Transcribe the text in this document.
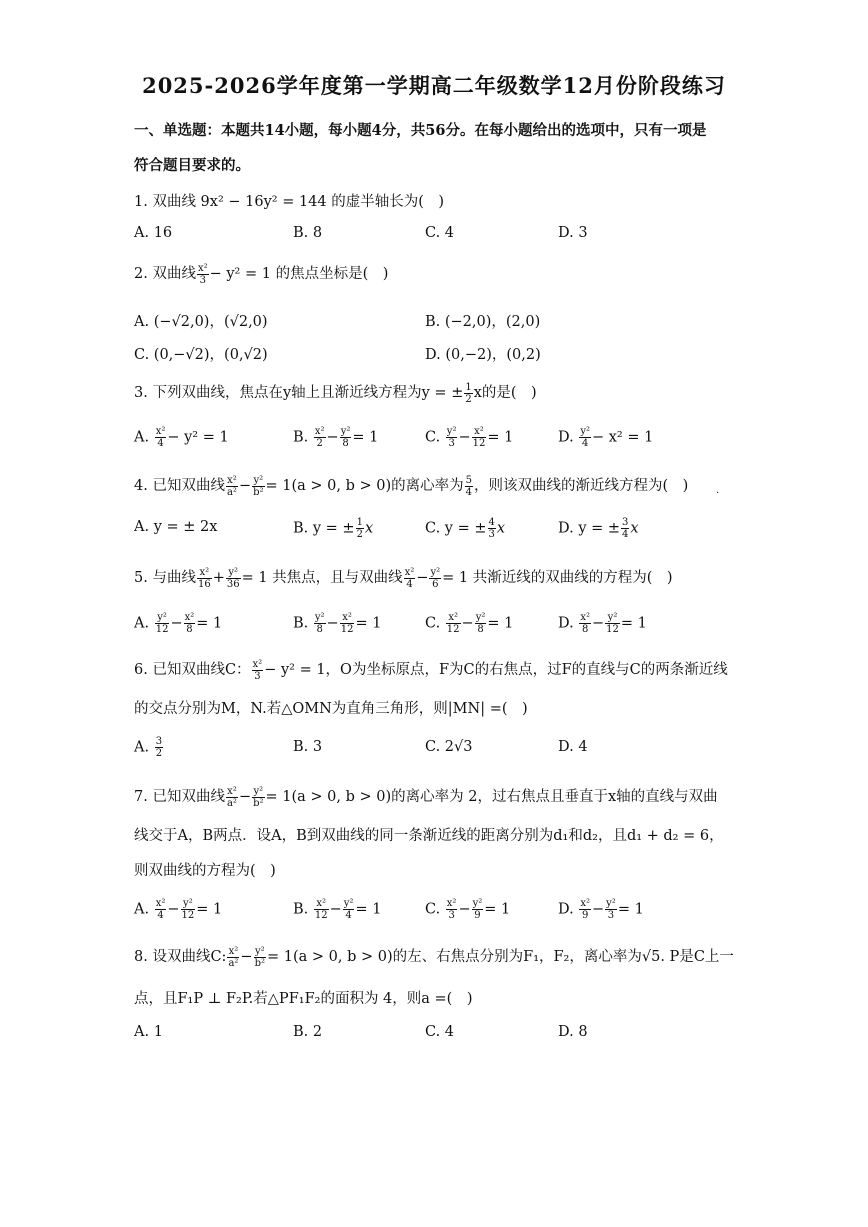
2025-2026学年度第一学期高二年级数学12月份阶段练习
一、单选题：本题共14小题，每小题4分，共56分。在每小题给出的选项中，只有一项是
符合题目要求的。
1. 双曲线 9x² − 16y² = 144 的虚半轴长为(　)
A. 16	B. 8	C. 4	D. 3
2. 双曲线 $\frac{\text{x²}}{3} - y^2 = 1$ 的焦点坐标是(　)
A. (−√2,0)，(√2,0)	B. (−2,0)，(2,0)
C. (0,−√2)，(0,√2)	D. (0,−2)，(0,2)
3. 下列双曲线，焦点在y轴上且渐近线方程为y = ± $\frac{1}{2}$ x的是(　)
A. $\frac{\text{x²}}{4} - y^2 = 1$	B. $\frac{\text{x²}}{2} - \frac{\text{y²}}{8} = 1$	C. $\frac{\text{y²}}{3} - \frac{\text{x²}}{12} = 1$	D. $\frac{\text{y²}}{4} - x^2 = 1$
4. 已知双曲线 $\frac{\text{x²}}{\text{a²}} - \frac{\text{y²}}{\text{b²}} = 1(a > 0$, b > 0)的离心率为 $\frac{5}{4}$ ，则该双曲线的渐近线方程为(　)	.
A. y = ± 2x	B. y = ± $\frac{1}{2}$ x	C. y = ± $\frac{4}{3}$ x	D. y = ± $\frac{3}{4}$ x
5. 与曲线 $\frac{\text{x²}}{16} + \frac{\text{y²}}{36} = 1$ 共焦点，且与双曲线 $\frac{\text{x²}}{4} - \frac{\text{y²}}{6} = 1$ 共渐近线的双曲线的方程为(　)
A. $\frac{\text{y²}}{12} - \frac{\text{x²}}{8} = 1$	B. $\frac{\text{y²}}{8} - \frac{\text{x²}}{12} = 1$	C. $\frac{\text{x²}}{12} - \frac{\text{y²}}{8} = 1$	D. $\frac{\text{x²}}{8} - \frac{\text{y²}}{12} = 1$
6. 已知双曲线C： $\frac{\text{x²}}{3} - y^2 = 1$，O为坐标原点，F为C的右焦点，过F的直线与C的两条渐近线
的交点分别为M，N.若△OMN为直角三角形，则|MN| =(　)
A. $\frac{3}{2}$	B. 3	C. 2√3	D. 4
7. 已知双曲线 $\frac{\text{x²}}{\text{a²}} - \frac{\text{y²}}{\text{b²}} = 1(a > 0$, b > 0)的离心率为 2，过右焦点且垂直于x轴的直线与双曲
线交于A，B两点．设A，B到双曲线的同一条渐近线的距离分别为d₁和d₂，且d₁ + d₂ = 6，
则双曲线的方程为(　)
A. $\frac{\text{x²}}{4} - \frac{\text{y²}}{12} = 1$	B. $\frac{\text{x²}}{12} - \frac{\text{y²}}{4} = 1$	C. $\frac{\text{x²}}{3} - \frac{\text{y²}}{9} = 1$	D. $\frac{\text{x²}}{9} - \frac{\text{y²}}{3} = 1$
8. 设双曲线C: $\frac{\text{x²}}{\text{a²}} - \frac{\text{y²}}{\text{b²}} = 1(a > 0$, b > 0)的左、右焦点分别为F₁，F₂，离心率为√5. P是C上一
点，且F₁P ⊥ F₂P.若△PF₁F₂的面积为 4，则a =(　)
A. 1	B. 2	C. 4	D. 8
